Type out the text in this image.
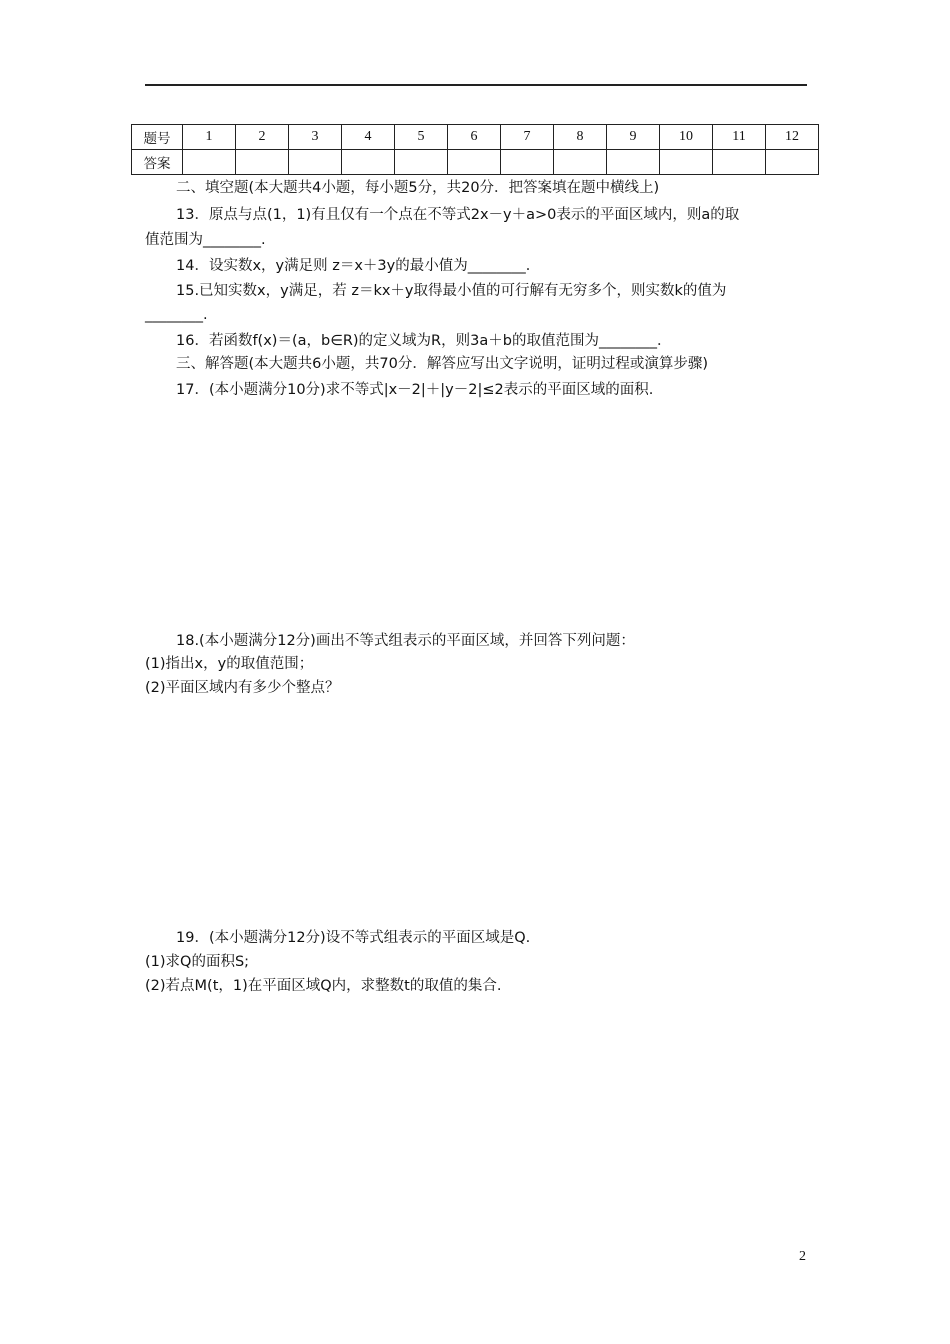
题号	1	2	3	4	5	6	7	8	9	10	11	12
答案												
二、填空题(本大题共4小题，每小题5分，共20分．把答案填在题中横线上)
13．原点与点(1，1)有且仅有一个点在不等式2x－y＋a>0表示的平面区域内，则a的取
值范围为________.
14．设实数x，y满足则 z＝x＋3y的最小值为________．
15.已知实数x，y满足，若 z＝kx＋y取得最小值的可行解有无穷多个，则实数k的值为
________.
16．若函数f(x)＝(a，b∈R)的定义域为R，则3a＋b的取值范围为________．
三、解答题(本大题共6小题，共70分．解答应写出文字说明，证明过程或演算步骤)
17．(本小题满分10分)求不等式|x－2|＋|y－2|≤2表示的平面区域的面积.
18.(本小题满分12分)画出不等式组表示的平面区域，并回答下列问题：
(1)指出x，y的取值范围；
(2)平面区域内有多少个整点？
19．(本小题满分12分)设不等式组表示的平面区域是Q.
(1)求Q的面积S;
(2)若点M(t，1)在平面区域Q内，求整数t的取值的集合.
2
